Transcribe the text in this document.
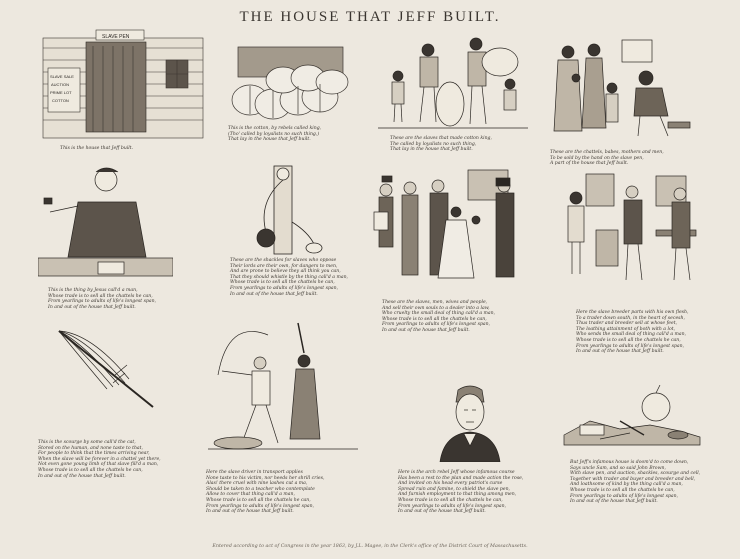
THE HOUSE THAT JEFF BUILT.
SLAVE PEN
SLAVE SALE
AUCTION
PRIME LOT
COTTON
This is the house that Jeff built.
This is the cotton, by rebels called king,
(Tho' called by loyalists no such thing,)
That lay in the house that Jeff built.	These are the slaves that made cotton king,
The called by loyalists no such thing,
That lay in the house that Jeff built.
These are the chattels, babes, mothers and men,
To be sold by the hand on the slave pen,
A part of the house that Jeff built.
This is the thing by Jesus call'd a man,
Whose trade is to sell all the chattels he can,
From yearlings to adults of life's longest span,
In and out of the house that Jeff built.
These are the shackles for slaves who oppose
Their lords are their own, for dangers to men,
And are prone to believe they all think you can,
That they should whistle by the thing call'd a man,
Whose trade is to sell all the chattels he can,
From yearlings to adults of life's longest span,
In and out of the house that Jeff built.
These are the slaves, men, wives and people,
And sell their own souls to a dealer into a law,
Who cruelty the small deal of thing call'd a man,
Whose trade is to sell all the chattels he can,
From yearlings to adults of life's longest span,
In and out of the house that Jeff built.
Here the slave breeder parts with his own flesh,
To a trader down south, in the heart of secesh,
Thus trader and breeder sell at whose feet,
The loathing attainment of both with a lot,
Who sends the small deal of thing call'd a man,
Whose trade is to sell all the chattels he can,
From yearlings to adults of life's longest span,
In and out of the house that Jeff built.
This is the scourge by some call'd the cat,
Stored on the human, and none taste to that,
For people to think that the times arriving near,
When the slave will be forever in a chattel yet there,
Not even gone young limb of that slave fill'd a man,
Whose trade is to sell all the chattels he can,
In and out of the house that Jeff built.
Here the slave driver in transport applies
None taste to his victim, nor heeds her shrill cries,
Alas! there cruel with nine lashes cut a ma,
Should be taken to a teacher who contemplate
Allow to cover that thing call'd a man,
Whose trade is to sell all the chattels he can,
From yearlings to adults of life's longest span,
In and out of the house that Jeff built.
Here is the arch rebel Jeff whose infamous course
Has been a rest to the plan and made action the rose,
And invited on his head every patriot's curse
Spread ruin and famine, to shield the slave pen,
And furnish employment to that thing among men,
Whose trade is to sell all the chattels he can,
From yearlings to adults of life's longest span,
In and out of the house that Jeff built.
But Jeff's infamous house is doom'd to come down,
Says uncle Sam, and so said John Brown,
With slave pen, and auction, shackles, scourge and cell,
Together with trader and buyer and breeder and bell,
And loathsome of kind by the thing call'd a man,
Whose trade is to sell all the chattels he can,
From yearlings to adults of life's longest span,
In and out of the house that Jeff built.
Entered according to act of Congress in the year 1863, by J.L. Magee, in the Clerk's office of the District Court of Massachusetts.
